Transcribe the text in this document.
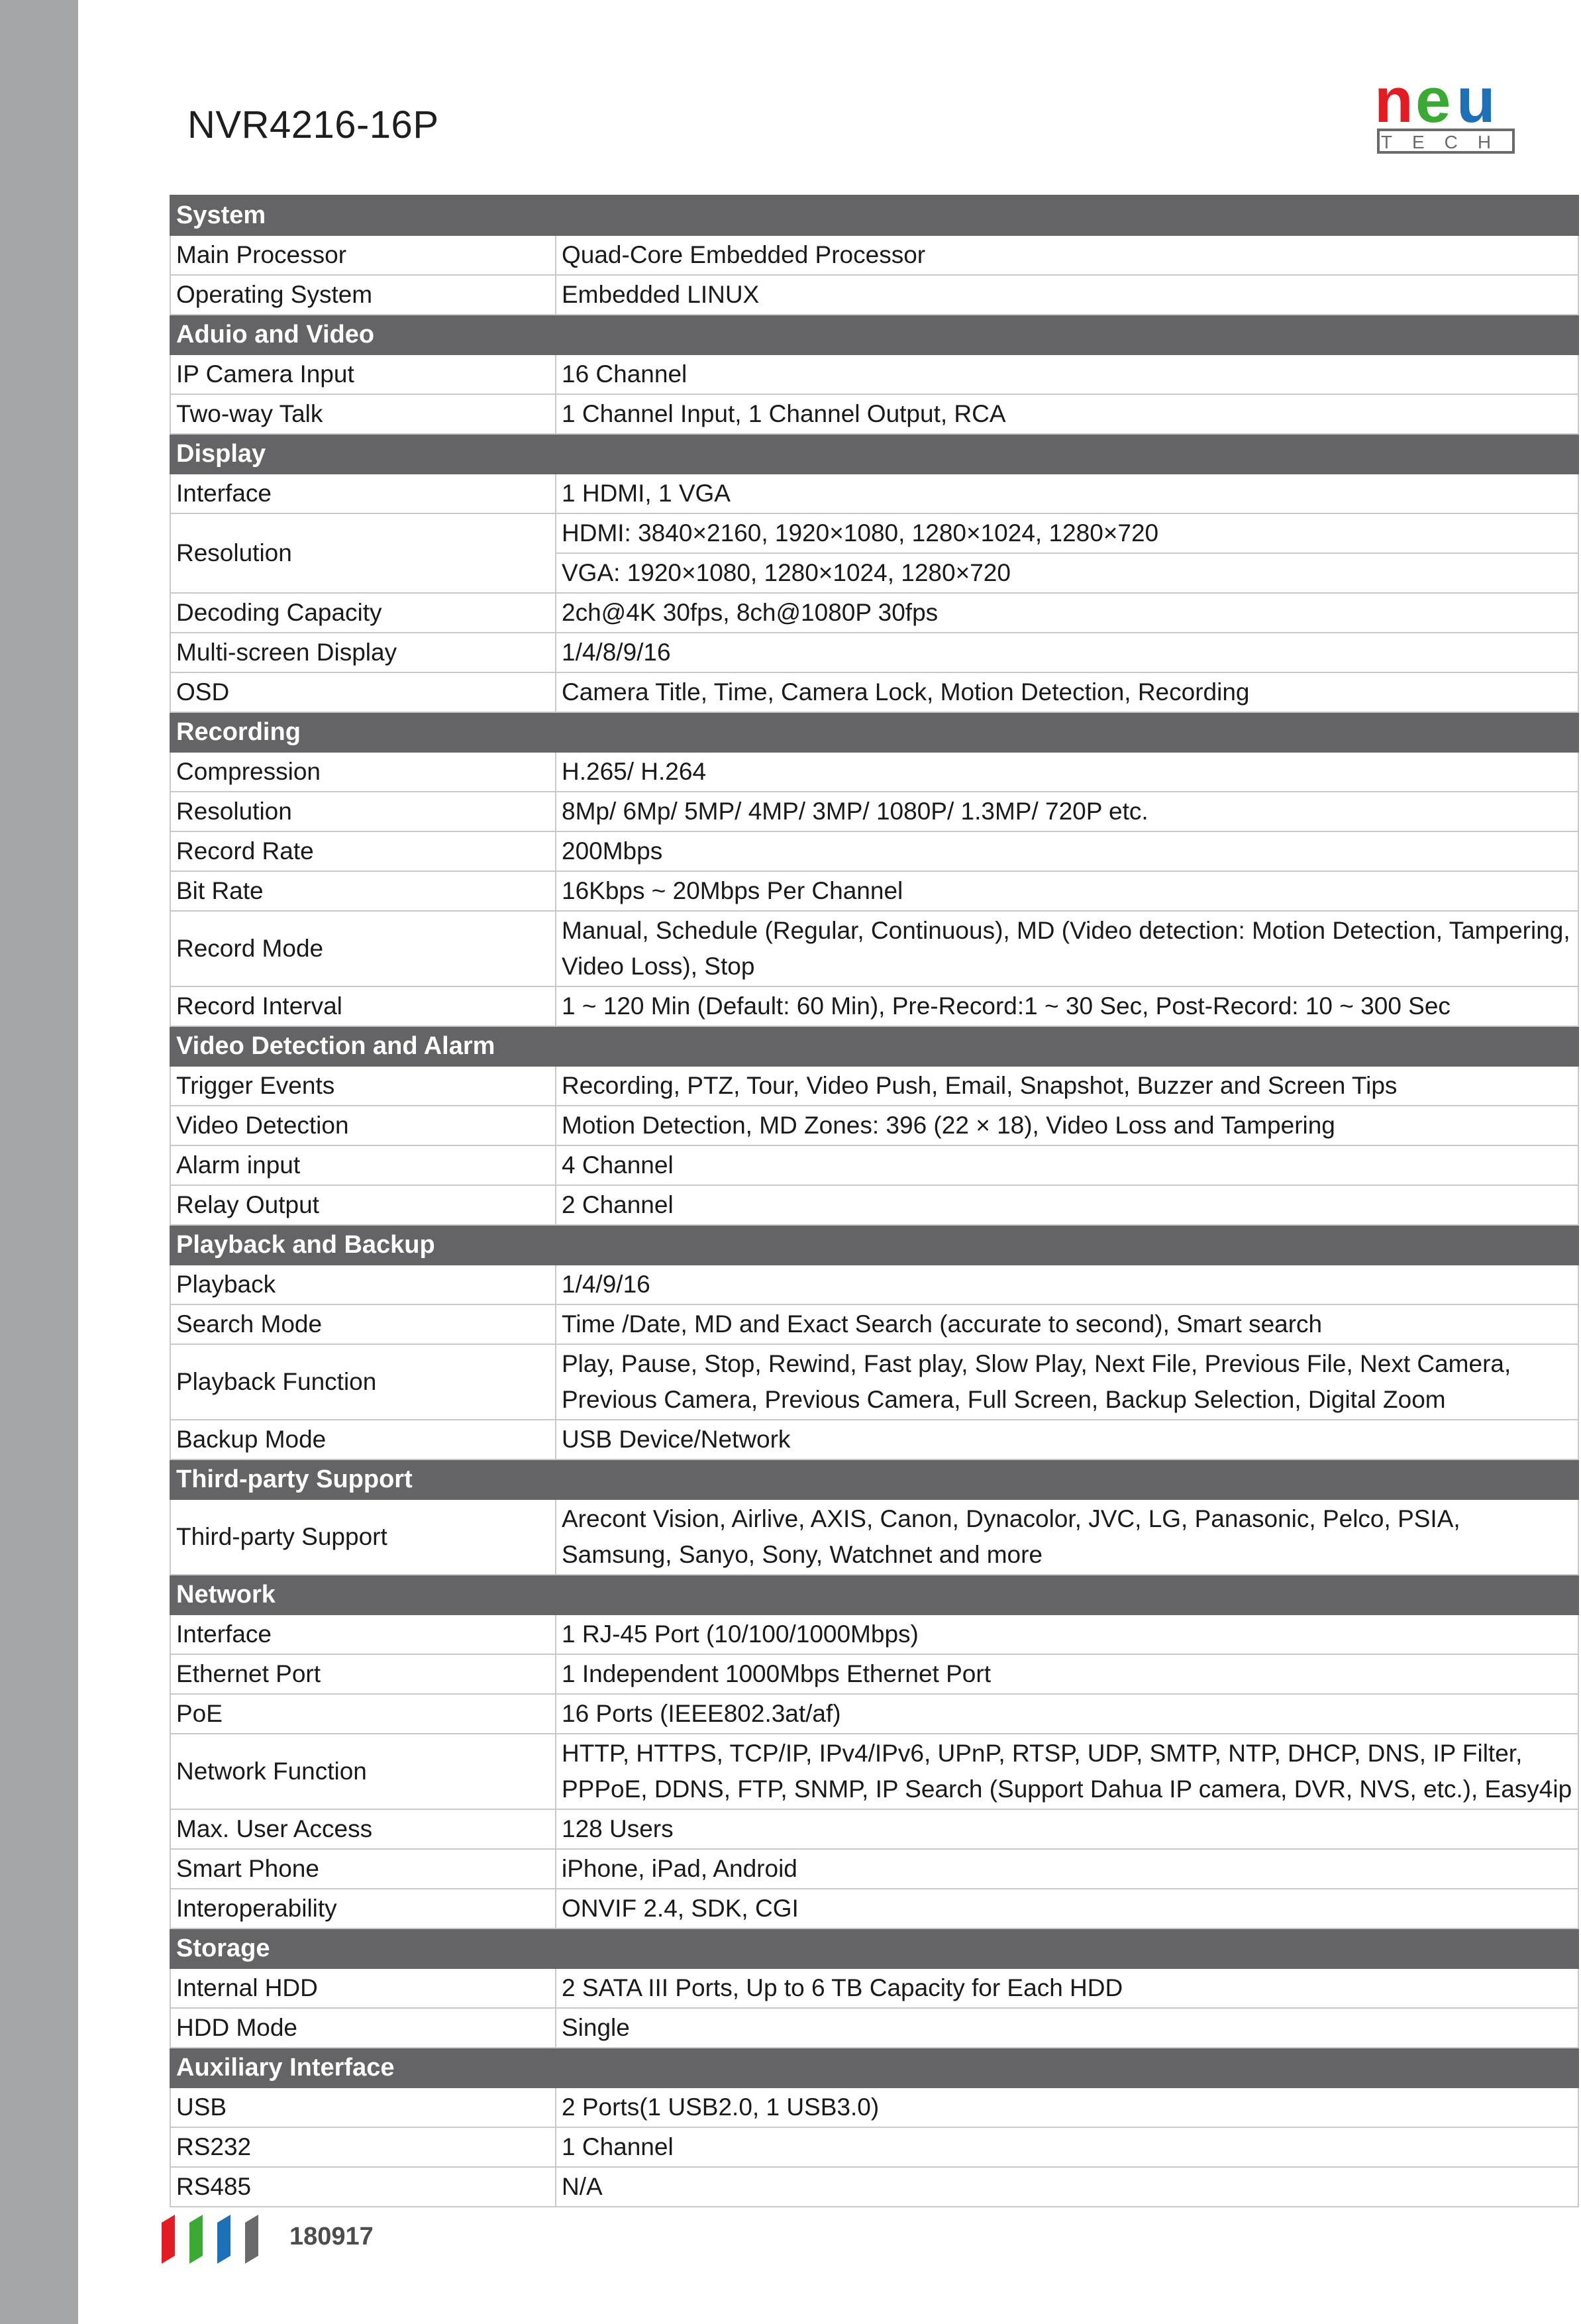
NVR4216-16P	n e u
TECH
System	
Main Processor	Quad-Core Embedded Processor
Operating System	Embedded LINUX
Aduio and Video	
IP Camera Input	16 Channel
Two-way Talk	1 Channel Input, 1 Channel Output, RCA
Display	
Interface	1 HDMI, 1 VGA
Resolution	HDMI: 3840×2160, 1920×1080, 1280×1024, 1280×720
	VGA: 1920×1080, 1280×1024, 1280×720
Decoding Capacity	2ch@4K 30fps, 8ch@1080P 30fps
Multi-screen Display	1/4/8/9/16
OSD	Camera Title, Time, Camera Lock, Motion Detection, Recording
Recording	
Compression	H.265/ H.264
Resolution	8Mp/ 6Mp/ 5MP/ 4MP/ 3MP/ 1080P/ 1.3MP/ 720P etc.
Record Rate	200Mbps
Bit Rate	16Kbps ~ 20Mbps Per Channel
Record Mode	Manual, Schedule (Regular, Continuous), MD (Video detection: Motion Detection, Tampering, Video Loss), Stop
Record Interval	1 ~ 120 Min (Default: 60 Min), Pre-Record:1 ~ 30 Sec, Post-Record: 10 ~ 300 Sec
Video Detection and Alarm	
Trigger Events	Recording, PTZ, Tour, Video Push, Email, Snapshot, Buzzer and Screen Tips
Video Detection	Motion Detection, MD Zones: 396 (22 × 18), Video Loss and Tampering
Alarm input	4 Channel
Relay Output	2 Channel
Playback and Backup	
Playback	1/4/9/16
Search Mode	Time /Date, MD and Exact Search (accurate to second), Smart search
Playback Function	Play, Pause, Stop, Rewind, Fast play, Slow Play, Next File, Previous File, Next Camera, Previous Camera, Previous Camera, Full Screen, Backup Selection, Digital Zoom
Backup Mode	USB Device/Network
Third-party Support	
Third-party Support	Arecont Vision, Airlive, AXIS, Canon, Dynacolor, JVC, LG, Panasonic, Pelco, PSIA, Samsung, Sanyo, Sony, Watchnet and more
Network	
Interface	1 RJ-45 Port (10/100/1000Mbps)
Ethernet Port	1 Independent 1000Mbps Ethernet Port
PoE	16 Ports (IEEE802.3at/af)
Network Function	HTTP, HTTPS, TCP/IP, IPv4/IPv6, UPnP, RTSP, UDP, SMTP, NTP, DHCP, DNS, IP Filter, PPPoE, DDNS, FTP, SNMP, IP Search (Support Dahua IP camera, DVR, NVS, etc.), Easy4ip
Max. User Access	128 Users
Smart Phone	iPhone, iPad, Android
Interoperability	ONVIF 2.4, SDK, CGI
Storage	
Internal HDD	2 SATA III Ports, Up to 6 TB Capacity for Each HDD
HDD Mode	Single
Auxiliary Interface	
USB	2 Ports(1 USB2.0, 1 USB3.0)
RS232	1 Channel
RS485	N/A
180917
